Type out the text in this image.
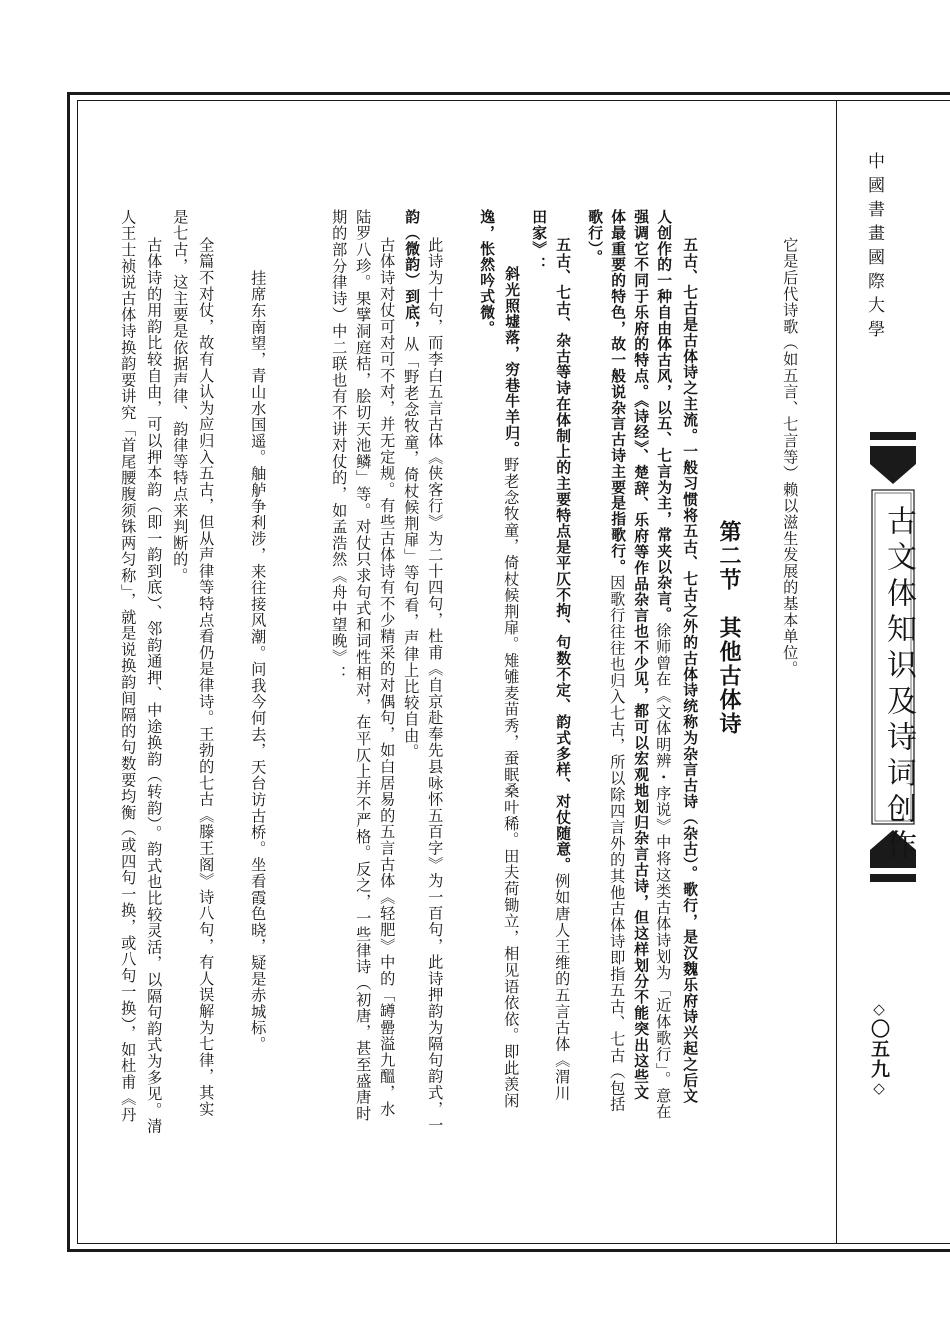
中國書畫國際大學
古文体知识及诗词创作
◇〇五九◇
第二节　其他古体诗	它是后代诗歌（如五言、七言等）赖以滋生发展的基本单位。
五古、七古是古体诗之主流。一般习惯将五古、七古之外的古体诗统称为杂言古诗（杂古）。歌行，是汉魏乐府诗兴起之后文
人创作的一种自由体古风，以五、七言为主，常夹以杂言。徐师曾在《文体明辨・序说》中将这类古体诗划为「近体歌行」。意在
强调它不同于乐府的特点。《诗经》、楚辞、乐府等作品杂言也不少见，都可以宏观地划归杂言古诗，但这样划分不能突出这些文
体最重要的特色，故一般说杂言古诗主要是指歌行。因歌行往往也归入七古，所以除四言外的其他古体诗即指五古、七古（包括
歌行）。
五古、七古、杂古等诗在体制上的主要特点是平仄不拘、句数不定、韵式多样、对仗随意。例如唐人王维的五言古体《渭川
田家》：
斜光照墟落，穷巷牛羊归。野老念牧童，倚杖候荆扉。雉雊麦苗秀，蚕眠桑叶稀。田夫荷锄立，相见语依依。即此羡闲
逸，怅然吟式微。
此诗为十句，而李白五言古体《侠客行》为二十四句，杜甫《自京赴奉先县咏怀五百字》为一百句，此诗押韵为隔句韵式，一
韵（微韵）到底，从「野老念牧童，倚杖候荆扉」等句看，声律上比较自由。
古体诗对仗可对可不对，并无定规。有些古体诗有不少精采的对偶句，如白居易的五言古体《轻肥》中的「罇罍溢九醞，水
陆罗八珍。果擘洞庭桔，脍切天池鳞」等。对仗只求句式和词性相对，在平仄上并不严格。反之，一些律诗（初唐，甚至盛唐时
期的部分律诗）中二联也有不讲对仗的，如孟浩然《舟中望晚》：
挂席东南望，青山水国遥。舳舻争利涉，来往接风潮。问我今何去，天台访古桥。坐看霞色晓，疑是赤城标。
全篇不对仗，故有人认为应归入五古，但从声律等特点看仍是律诗。王勃的七古《滕王阁》诗八句，有人误解为七律，其实
是七古，这主要是依据声律、韵律等特点来判断的。
古体诗的用韵比较自由，可以押本韵（即一韵到底）、邻韵通押、中途换韵（转韵）。韵式也比较灵活，以隔句韵式为多见。清
人王士祯说古体诗换韵要讲究「首尾腰腹须铢两匀称」，就是说换韵间隔的句数要均衡（或四句一换，或八句一换），如杜甫《丹
